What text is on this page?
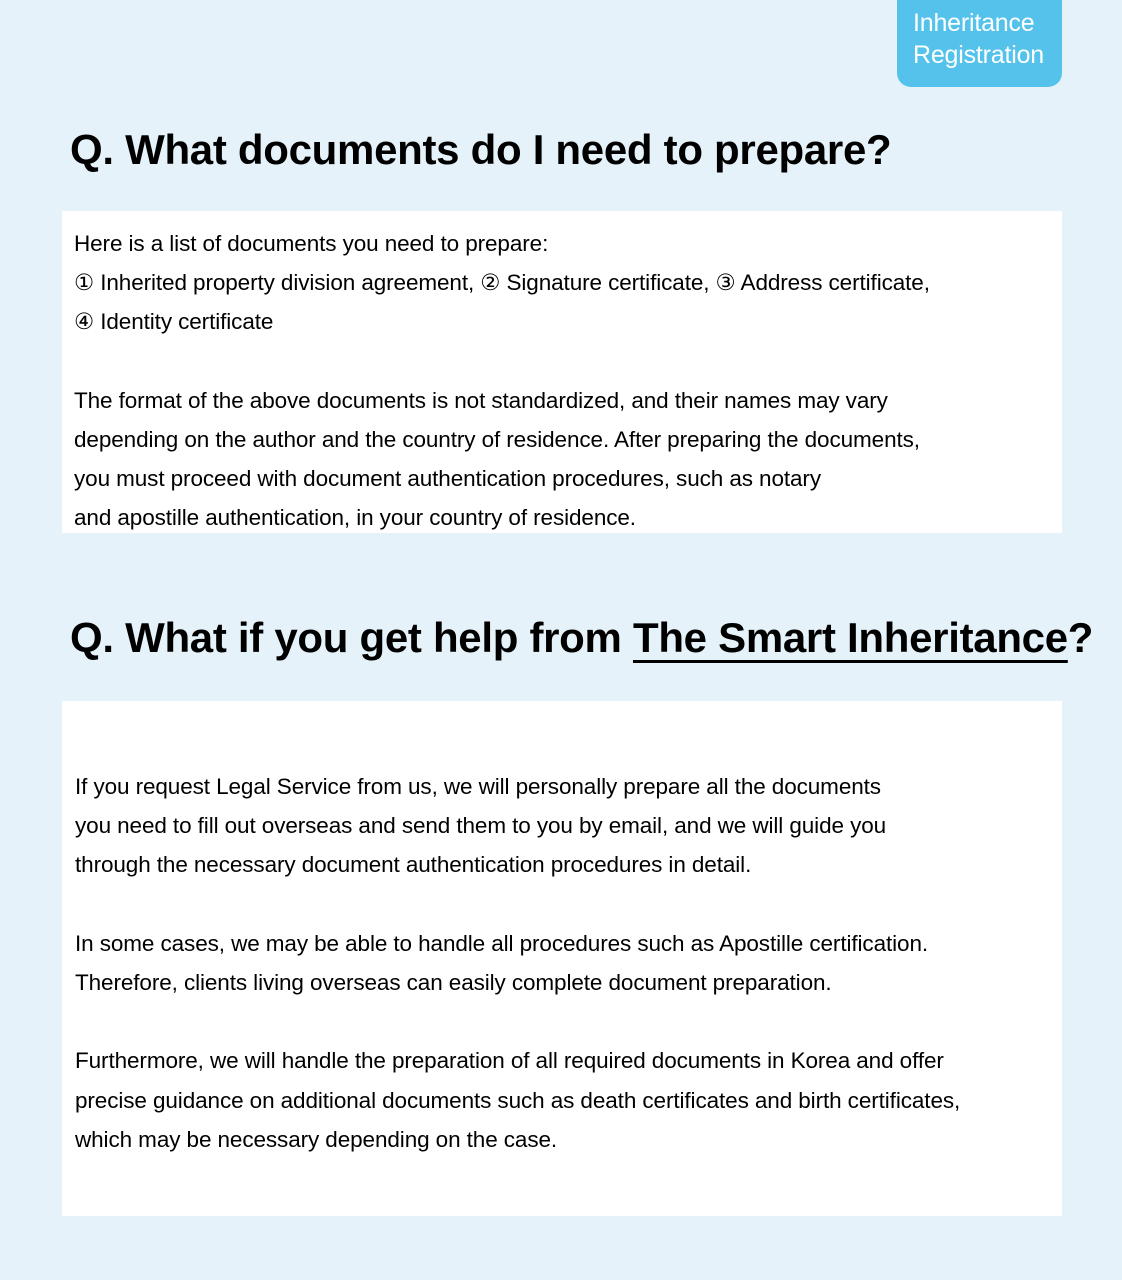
Inheritance
Registration
Q. What documents do I need to prepare?

Here is a list of documents you need to prepare:
① Inherited property division agreement, ② Signature certificate, ③ Address certificate,
④ Identity certificate

The format of the above documents is not standardized, and their names may vary
depending on the author and the country of residence. After preparing the documents,
you must proceed with document authentication procedures, such as notary
and apostille authentication, in your country of residence.

Q. What if you get help from The Smart Inheritance?

If you request Legal Service from us, we will personally prepare all the documents
you need to fill out overseas and send them to you by email, and we will guide you
through the necessary document authentication procedures in detail.

In some cases, we may be able to handle all procedures such as Apostille certification.
Therefore, clients living overseas can easily complete document preparation.

Furthermore, we will handle the preparation of all required documents in Korea and offer
precise guidance on additional documents such as death certificates and birth certificates,
which may be necessary depending on the case.
